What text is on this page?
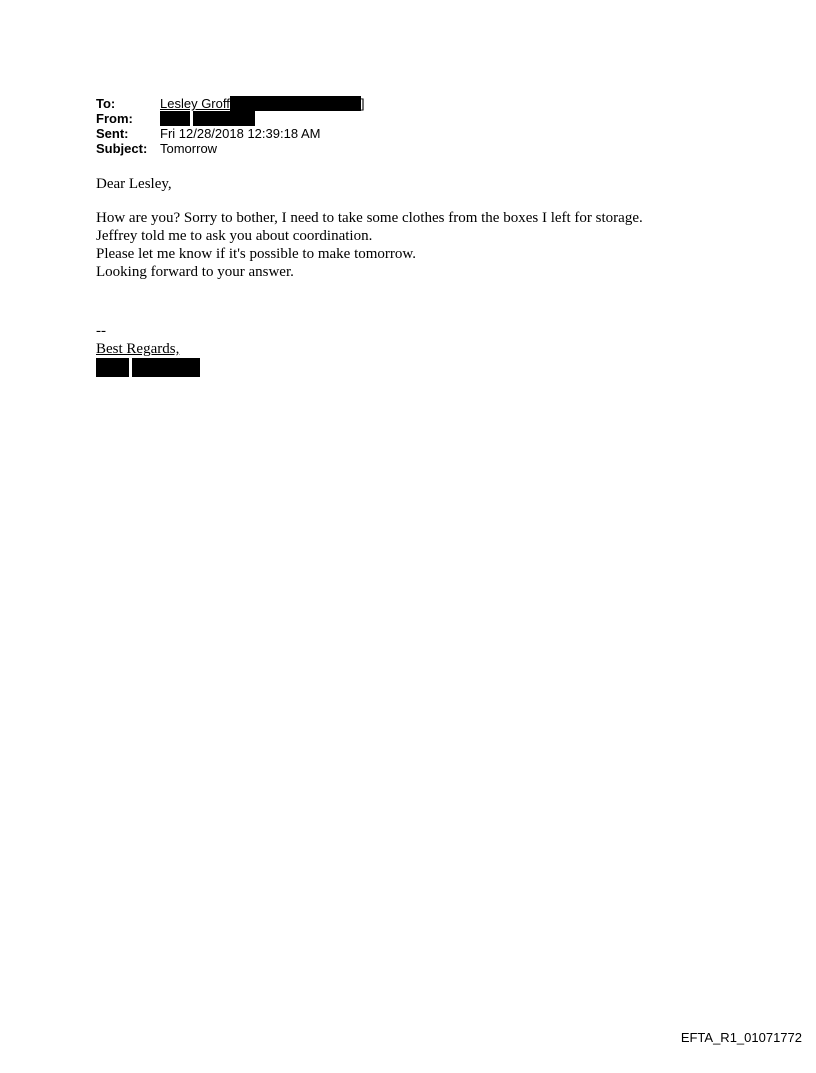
To:	Lesley Groff	]
From:
Sent: Fri 12/28/2018 12:39:18 AM
Subject: Tomorrow

Dear Lesley,

How are you? Sorry to bother, I need to take some clothes from the boxes I left for storage.

Jeffrey told me to ask you about coordination.

Please let me know if it's possible to make tomorrow.

Looking forward to your answer.

--
Best Regards,
EFTA_R1_01071772
